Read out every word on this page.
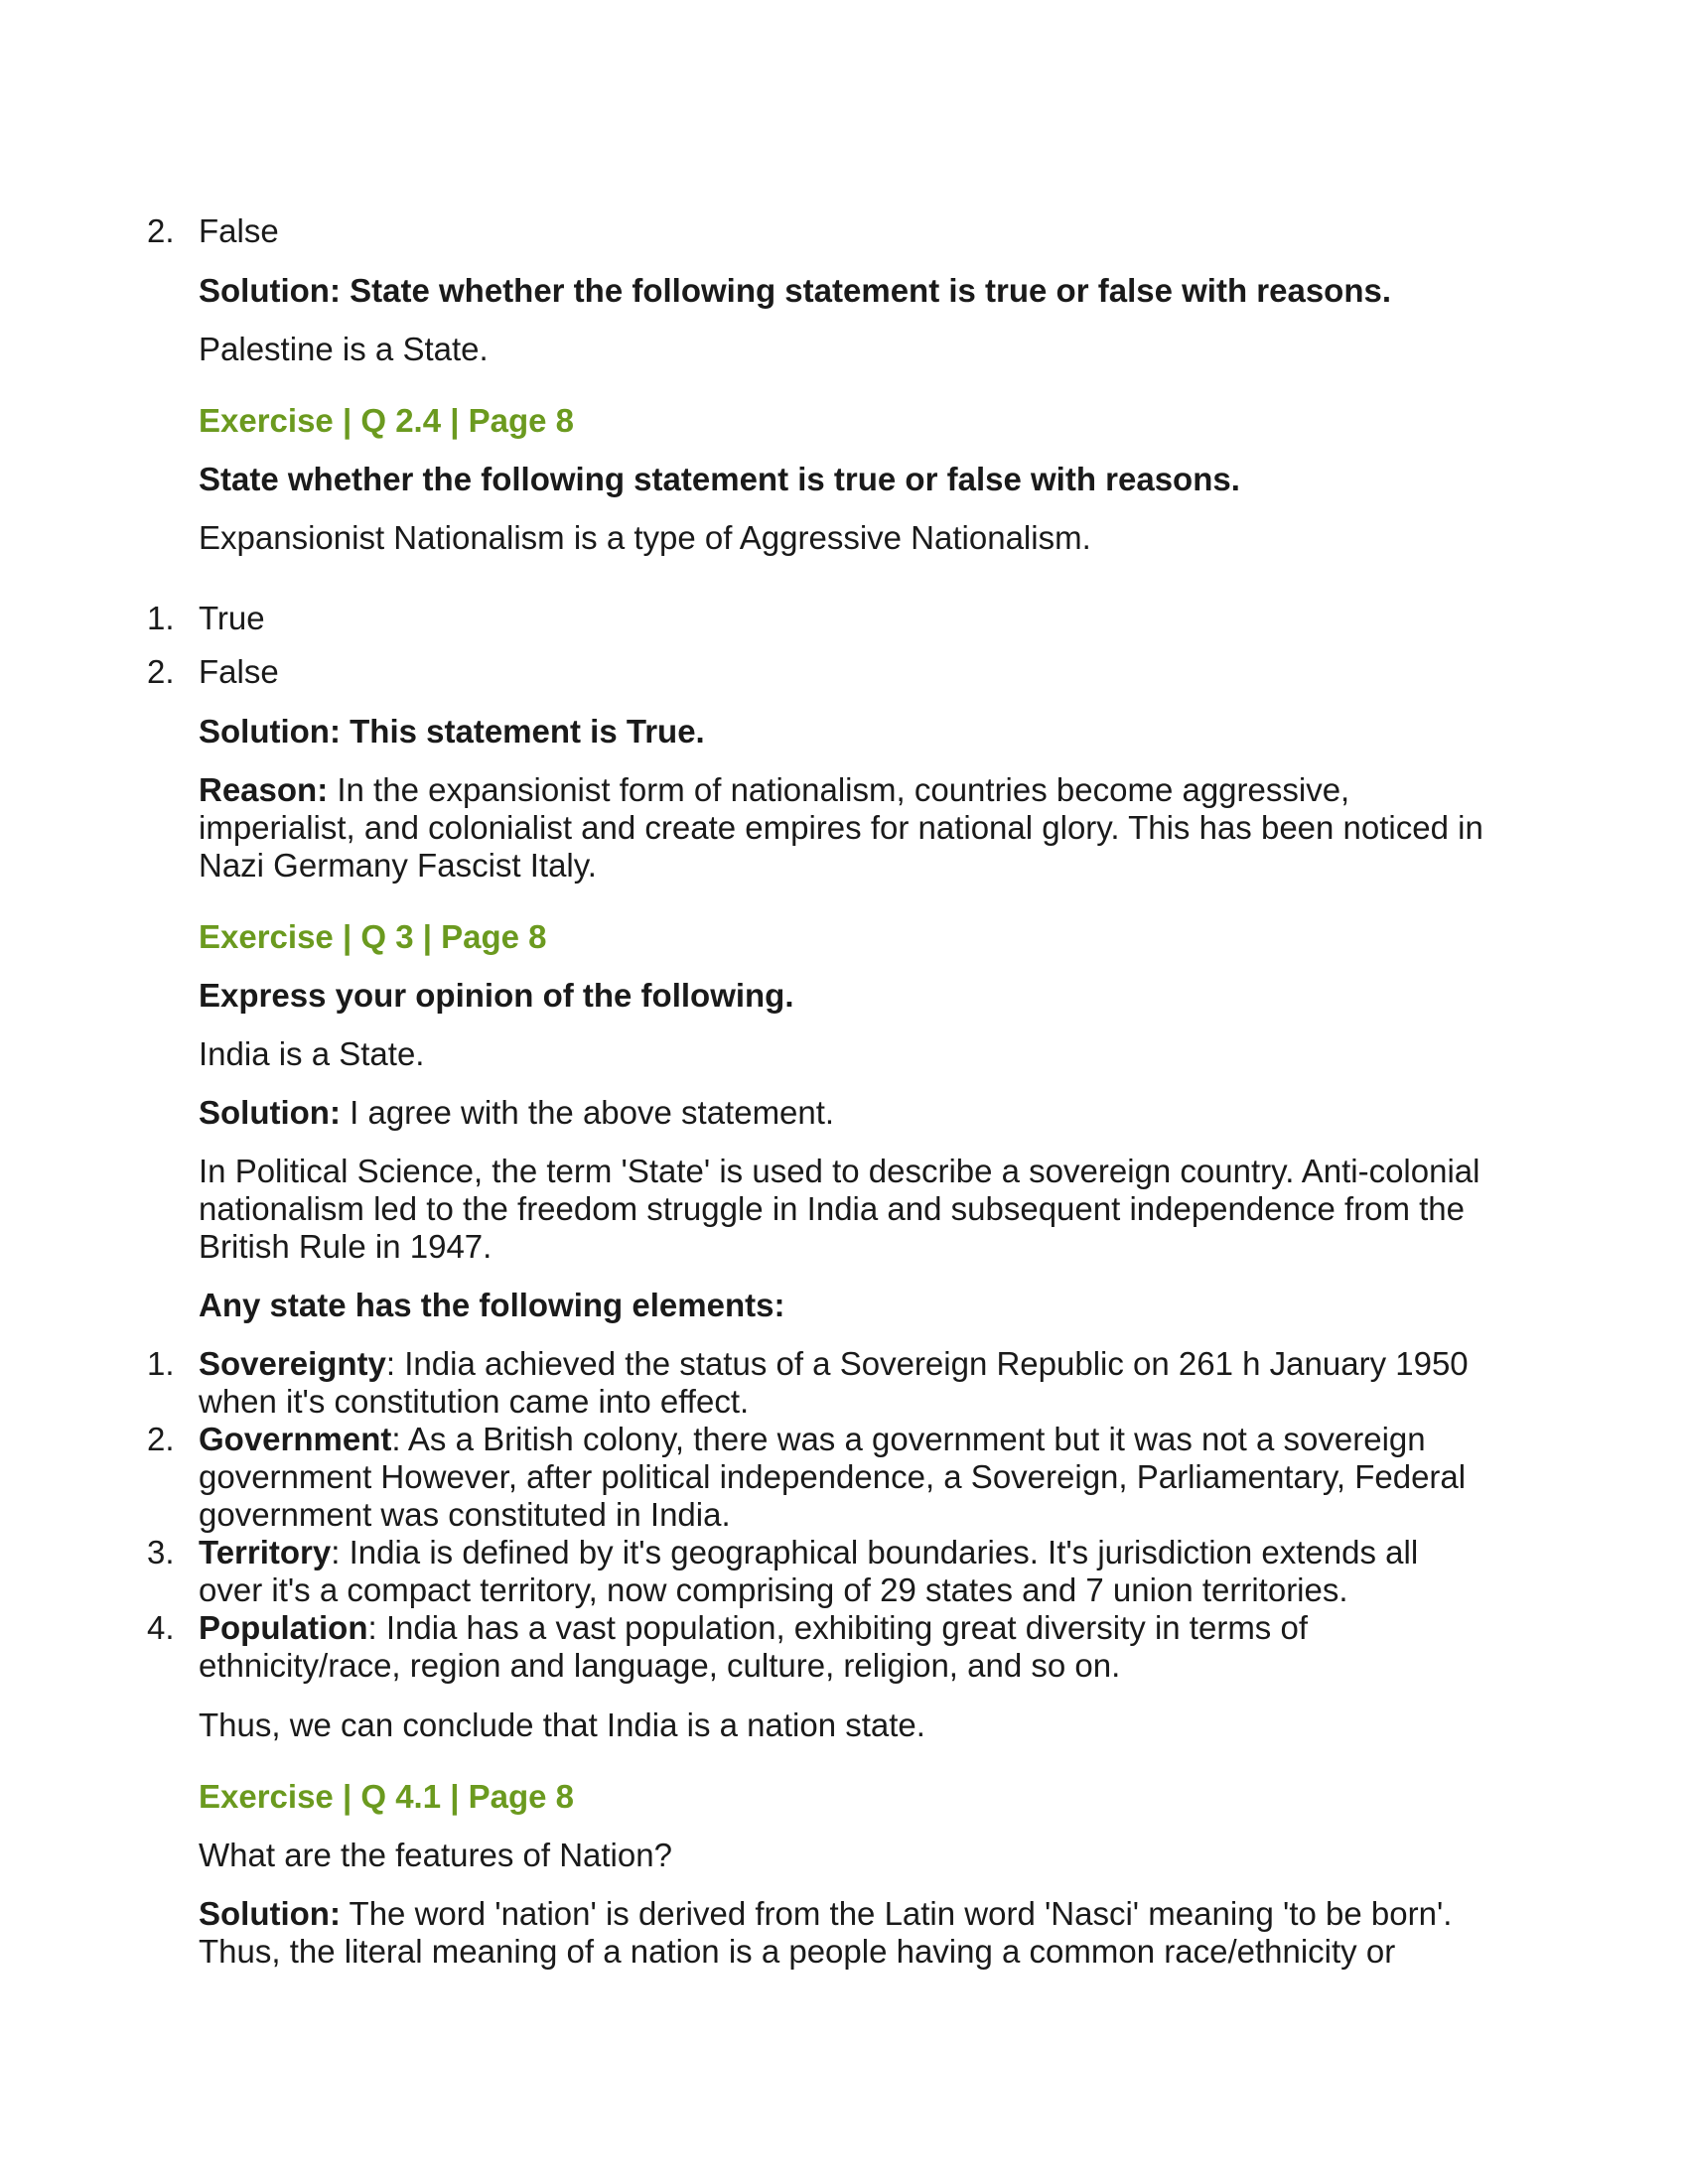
2. False

Solution: State whether the following statement is true or false with reasons.

Palestine is a State.

Exercise | Q 2.4 | Page 8

State whether the following statement is true or false with reasons.

Expansionist Nationalism is a type of Aggressive Nationalism.

1. True
2. False

Solution: This statement is True.

Reason: In the expansionist form of nationalism, countries become aggressive, imperialist, and colonialist and create empires for national glory. This has been noticed in Nazi Germany Fascist Italy.

Exercise | Q 3 | Page 8

Express your opinion of the following.

India is a State.

Solution: I agree with the above statement.

In Political Science, the term 'State' is used to describe a sovereign country. Anti-colonial nationalism led to the freedom struggle in India and subsequent independence from the British Rule in 1947.

Any state has the following elements:

1. Sovereignty: India achieved the status of a Sovereign Republic on 261 h January 1950 when it's constitution came into effect.
2. Government: As a British colony, there was a government but it was not a sovereign government However, after political independence, a Sovereign, Parliamentary, Federal government was constituted in India.
3. Territory: India is defined by it's geographical boundaries. It's jurisdiction extends all over it's a compact territory, now comprising of 29 states and 7 union territories.
4. Population: India has a vast population, exhibiting great diversity in terms of ethnicity/race, region and language, culture, religion, and so on.

Thus, we can conclude that India is a nation state.

Exercise | Q 4.1 | Page 8

What are the features of Nation?

Solution: The word 'nation' is derived from the Latin word 'Nasci' meaning 'to be born'. Thus, the literal meaning of a nation is a people having a common race/ethnicity or
